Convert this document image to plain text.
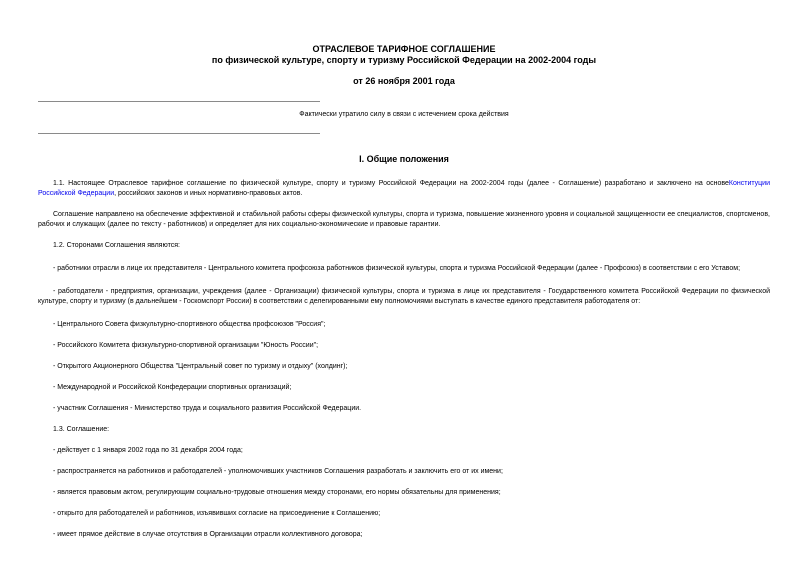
ОТРАСЛЕВОЕ ТАРИФНОЕ СОГЛАШЕНИЕ
по физической культуре, спорту и туризму Российской Федерации на 2002-2004 годы
от 26 ноября 2001 года
Фактически утратило силу в связи с истечением срока действия
I. Общие положения

1.1. Настоящее Отраслевое тарифное соглашение по физической культуре, спорту и туризму Российской Федерации на 2002-2004 годы (далее - Соглашение) разработано и заключено на основеКонституции Российской Федерации, российских законов и иных нормативно-правовых актов.

Соглашение направлено на обеспечение эффективной и стабильной работы сферы физической культуры, спорта и туризма, повышение жизненного уровня и социальной защищенности ее специалистов, спортсменов, рабочих и служащих (далее по тексту - работников) и определяет для них социально-экономические и правовые гарантии.

1.2. Сторонами Соглашения являются:

- работники отрасли в лице их представителя - Центрального комитета профсоюза работников физической культуры, спорта и туризма Российской Федерации (далее - Профсоюз) в соответствии с его Уставом;

- работодатели - предприятия, организации, учреждения (далее - Организации) физической культуры, спорта и туризма в лице их представителя - Государственного комитета Российской Федерации по физической культуре, спорту и туризму (в дальнейшем - Госкомспорт России) в соответствии с делегированными ему полномочиями выступать в качестве единого представителя работодателя от:

- Центрального Совета физкультурно-спортивного общества профсоюзов "Россия";

- Российского Комитета физкультурно-спортивной организации "Юность России";

- Открытого Акционерного Общества "Центральный совет по туризму и отдыху" (холдинг);

- Международной и Российской Конфедерации спортивных организаций;

- участник Соглашения - Министерство труда и социального развития Российской Федерации.

1.3. Соглашение:

- действует с 1 января 2002 года по 31 декабря 2004 года;

- распространяется на работников и работодателей - уполномочивших участников Соглашения разработать и заключить его от их имени;

- является правовым актом, регулирующим социально-трудовые отношения между сторонами, его нормы обязательны для применения;

- открыто для работодателей и работников, изъявивших согласие на присоединение к Соглашению;

- имеет прямое действие в случае отсутствия в Организации отрасли коллективного договора;
